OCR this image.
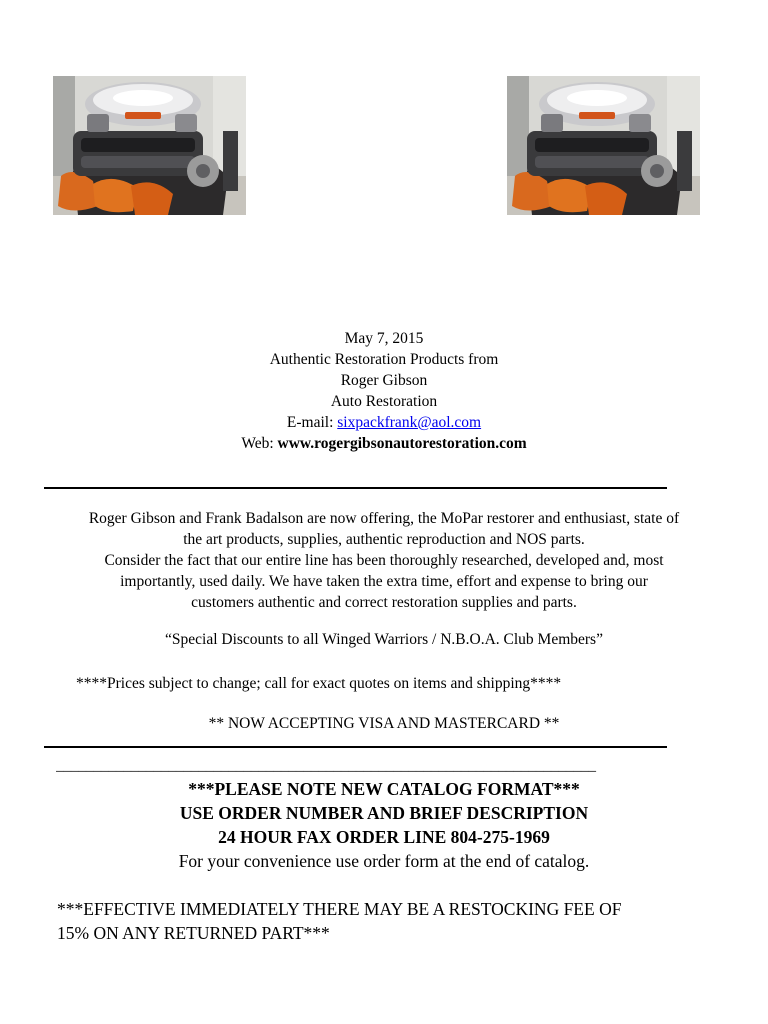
May 7, 2015
Authentic Restoration Products from
Roger Gibson
Auto Restoration
E-mail: sixpackfrank@aol.com
Web: www.rogergibsonautorestoration.com
Roger Gibson and Frank Badalson are now offering, the MoPar restorer and enthusiast, state of
the art products, supplies, authentic reproduction and NOS parts.
Consider the fact that our entire line has been thoroughly researched, developed and, most
importantly, used daily. We have taken the extra time, effort and expense to bring our
customers authentic and correct restoration supplies and parts.
“Special Discounts to all Winged Warriors / N.B.O.A. Club Members”
****Prices subject to change; call for exact quotes on items and shipping****
** NOW ACCEPTING VISA AND MASTERCARD **
________________________________________________________________________
***PLEASE NOTE NEW CATALOG FORMAT***
USE ORDER NUMBER AND BRIEF DESCRIPTION
24 HOUR FAX ORDER LINE 804-275-1969
For your convenience use order form at the end of catalog.
***EFFECTIVE IMMEDIATELY THERE MAY BE A RESTOCKING FEE OF
15% ON ANY RETURNED PART***
